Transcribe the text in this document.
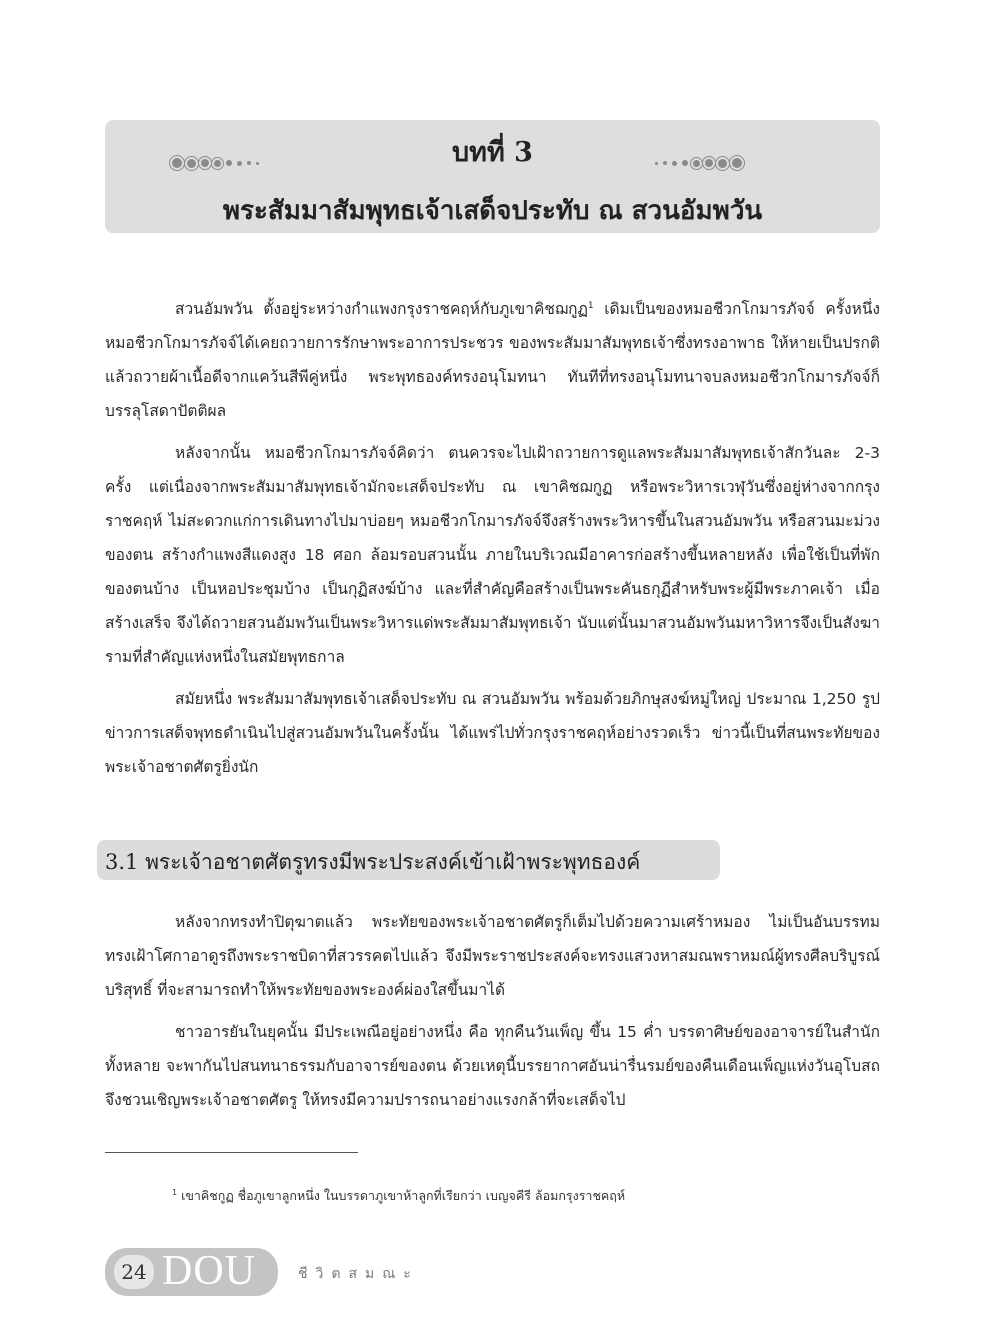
บทที่ 3
พระสัมมาสัมพุทธเจ้าเสด็จประทับ ณ สวนอัมพวัน

สวนอัมพวัน ตั้งอยู่ระหว่างกำแพงกรุงราชคฤห์กับภูเขาคิชฌกูฏ$^1$ เดิมเป็นของหมอชีวกโกมารภัจจ์ ครั้งหนึ่งหมอชีวกโกมารภัจจ์ได้เคยถวายการรักษาพระอาการประชวร ของพระสัมมาสัมพุทธเจ้าซึ่งทรงอาพาธ ให้หายเป็นปรกติ แล้วถวายผ้าเนื้อดีจากแคว้นสีพีคู่หนึ่ง พระพุทธองค์ทรงอนุโมทนา ทันทีที่ทรงอนุโมทนาจบลงหมอชีวกโกมารภัจจ์ก็บรรลุโสดาปัตติผล

หลังจากนั้น หมอชีวกโกมารภัจจ์คิดว่า ตนควรจะไปเฝ้าถวายการดูแลพระสัมมาสัมพุทธเจ้าสักวันละ 2-3 ครั้ง แต่เนื่องจากพระสัมมาสัมพุทธเจ้ามักจะเสด็จประทับ ณ เขาคิชฌกูฏ หรือพระวิหารเวฬุวันซึ่งอยู่ห่างจากกรุงราชคฤห์ ไม่สะดวกแก่การเดินทางไปมาบ่อยๆ หมอชีวกโกมารภัจจ์จึงสร้างพระวิหารขึ้นในสวนอัมพวัน หรือสวนมะม่วงของตน สร้างกำแพงสีแดงสูง 18 ศอก ล้อมรอบสวนนั้น ภายในบริเวณมีอาคารก่อสร้างขึ้นหลายหลัง เพื่อใช้เป็นที่พักของตนบ้าง เป็นหอประชุมบ้าง เป็นกุฏิสงฆ์บ้าง และที่สำคัญคือสร้างเป็นพระคันธกุฏีสำหรับพระผู้มีพระภาคเจ้า เมื่อสร้างเสร็จ จึงได้ถวายสวนอัมพวันเป็นพระวิหารแด่พระสัมมาสัมพุทธเจ้า นับแต่นั้นมาสวนอัมพวันมหาวิหารจึงเป็นสังฆารามที่สำคัญแห่งหนึ่งในสมัยพุทธกาล

สมัยหนึ่ง พระสัมมาสัมพุทธเจ้าเสด็จประทับ ณ สวนอัมพวัน พร้อมด้วยภิกษุสงฆ์หมู่ใหญ่ ประมาณ 1,250 รูป ข่าวการเสด็จพุทธดำเนินไปสู่สวนอัมพวันในครั้งนั้น ได้แพร่ไปทั่วกรุงราชคฤห์อย่างรวดเร็ว ข่าวนี้เป็นที่สนพระทัยของพระเจ้าอชาตศัตรูยิ่งนัก

3.1 พระเจ้าอชาตศัตรูทรงมีพระประสงค์เข้าเฝ้าพระพุทธองค์

หลังจากทรงทำปิตุฆาตแล้ว พระทัยของพระเจ้าอชาตศัตรูก็เต็มไปด้วยความเศร้าหมอง ไม่เป็นอันบรรทม ทรงเฝ้าโศกาอาดูรถึงพระราชบิดาที่สวรรคตไปแล้ว จึงมีพระราชประสงค์จะทรงแสวงหาสมณพราหมณ์ผู้ทรงศีลบริบูรณ์บริสุทธิ์ ที่จะสามารถทำให้พระทัยของพระองค์ผ่องใสขึ้นมาได้

ชาวอารยันในยุคนั้น มีประเพณีอยู่อย่างหนึ่ง คือ ทุกคืนวันเพ็ญ ขึ้น 15 ค่ำ บรรดาศิษย์ของอาจารย์ในสำนักทั้งหลาย จะพากันไปสนทนาธรรมกับอาจารย์ของตน ด้วยเหตุนี้บรรยากาศอันน่ารื่นรมย์ของคืนเดือนเพ็ญแห่งวันอุโบสถ จึงชวนเชิญพระเจ้าอชาตศัตรู ให้ทรงมีความปรารถนาอย่างแรงกล้าที่จะเสด็จไป

$^1$ เขาคิชกูฏ ชื่อภูเขาลูกหนึ่ง ในบรรดาภูเขาห้าลูกที่เรียกว่า เบญจคีรี ล้อมกรุงราชคฤห์
24 DOU	ชีวิตสมณะ
